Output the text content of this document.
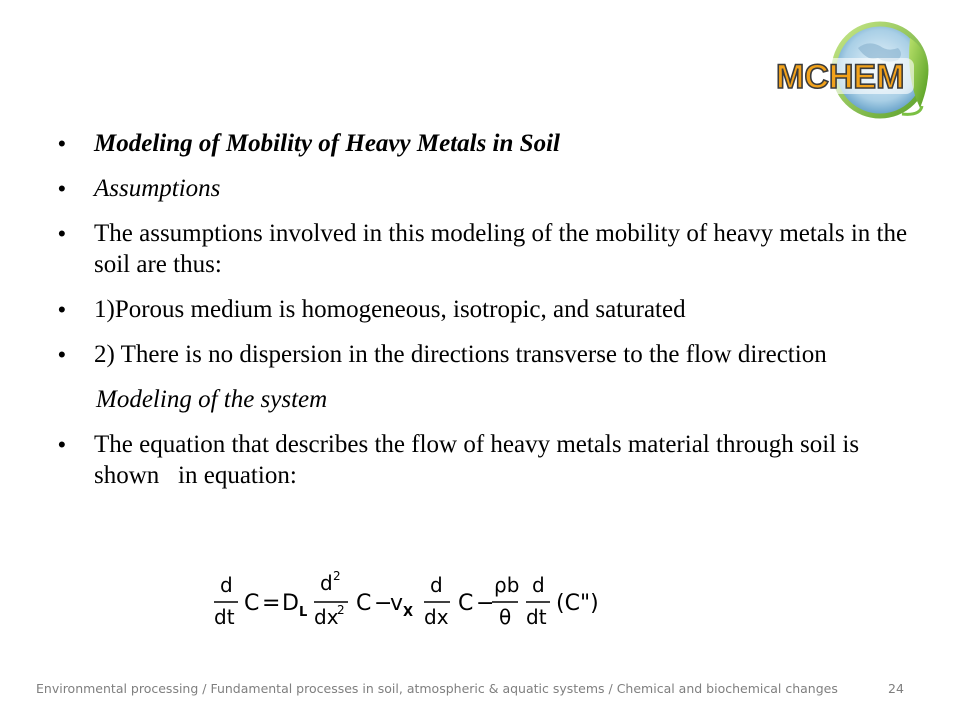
MCHEM
• Modeling of Mobility of Heavy Metals in Soil
• Assumptions
• The assumptions involved in this modeling of the mobility of heavy metals in the soil are thus:
• 1)Porous medium is homogeneous, isotropic, and saturated
• 2) There is no dispersion in the directions transverse to the flow direction
Modeling of the system
• The equation that describes the flow of heavy metals material through soil is shown   in equation:
d
dt
C = D L
d 2
dx
2 C −
v X
d
dx
C −
ρb
θ
d
dt
(C")
Environmental processing / Fundamental processes in soil, atmospheric & aquatic systems / Chemical and biochemical changes	24
